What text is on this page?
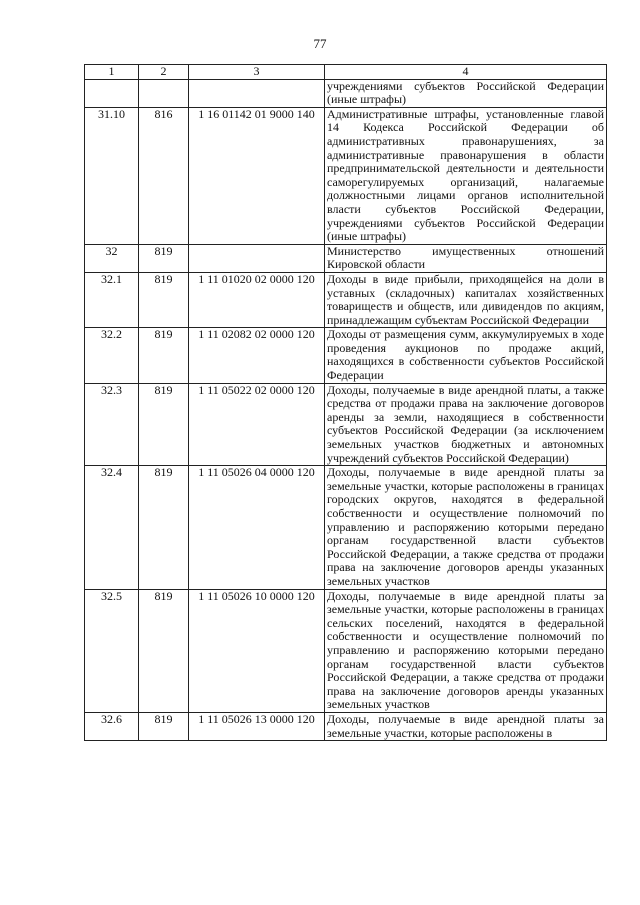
77
1	2	3	4
			учреждениями субъектов Российской Федерации (иные штрафы)
31.10	816	1 16 01142 01 9000 140	Административные штрафы, установленные главой 14 Кодекса Российской Федерации об административных правонарушениях, за административные правонарушения в области предпринимательской деятельности и деятельности саморегулируемых организаций, налагаемые должностными лицами органов исполнительной власти субъектов Российской Федерации, учреждениями субъектов Российской Федерации (иные штрафы)
32	819		Министерство имущественных отношений Кировской области
32.1	819	1 11 01020 02 0000 120	Доходы в виде прибыли, приходящейся на доли в уставных (складочных) капиталах хозяйственных товариществ и обществ, или дивидендов по акциям, принадлежащим субъектам Российской Федерации
32.2	819	1 11 02082 02 0000 120	Доходы от размещения сумм, аккумулируемых в ходе проведения аукционов по продаже акций, находящихся в собственности субъектов Российской Федерации
32.3	819	1 11 05022 02 0000 120	Доходы, получаемые в виде арендной платы, а также средства от продажи права на заключение договоров аренды за земли, находящиеся в собственности субъектов Российской Федерации (за исключением земельных участков бюджетных и автономных учреждений субъектов Российской Федерации)
32.4	819	1 11 05026 04 0000 120	Доходы, получаемые в виде арендной платы за земельные участки, которые расположены в границах городских округов, находятся в федеральной собственности и осуществление полномочий по управлению и распоряжению которыми передано органам государственной власти субъектов Российской Федерации, а также средства от продажи права на заключение договоров аренды указанных земельных участков
32.5	819	1 11 05026 10 0000 120	Доходы, получаемые в виде арендной платы за земельные участки, которые расположены в границах сельских поселений, находятся в федеральной собственности и осуществление полномочий по управлению и распоряжению которыми передано органам государственной власти субъектов Российской Федерации, а также средства от продажи права на заключение договоров аренды указанных земельных участков
32.6	819	1 11 05026 13 0000 120	Доходы, получаемые в виде арендной платы за земельные участки, которые расположены в
